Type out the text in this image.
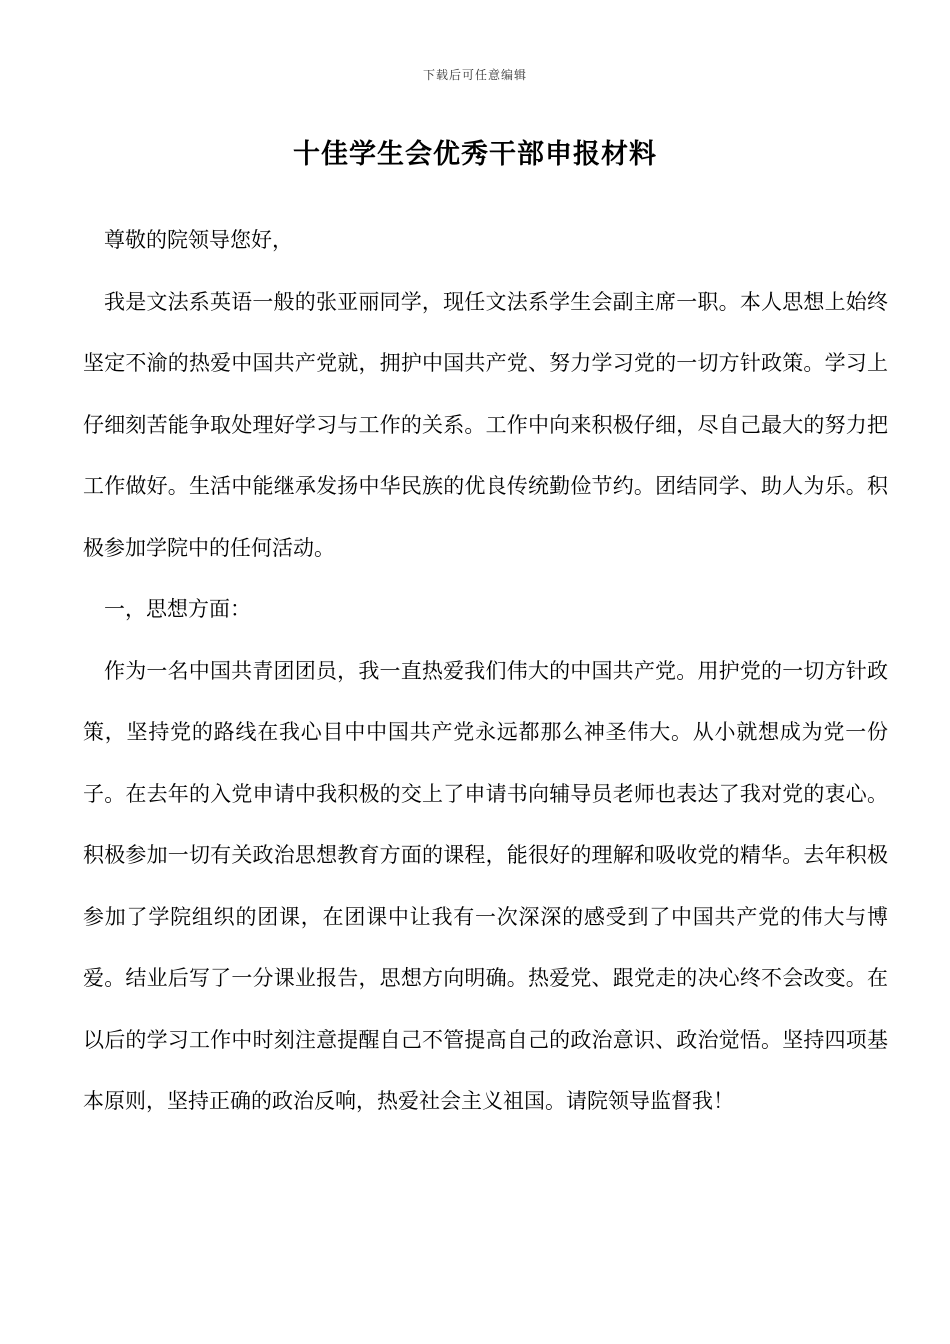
下载后可任意编辑
十佳学生会优秀干部申报材料

尊敬的院领导您好，

我是文法系英语一般的张亚丽同学，现任文法系学生会副主席一职。本人思想上始终坚定不渝的热爱中国共产党就，拥护中国共产党、努力学习党的一切方针政策。学习上仔细刻苦能争取处理好学习与工作的关系。工作中向来积极仔细，尽自己最大的努力把工作做好。生活中能继承发扬中华民族的优良传统勤俭节约。团结同学、助人为乐。积极参加学院中的任何活动。

一，思想方面：

作为一名中国共青团团员，我一直热爱我们伟大的中国共产党。用护党的一切方针政策，坚持党的路线在我心目中中国共产党永远都那么神圣伟大。从小就想成为党一份子。在去年的入党申请中我积极的交上了申请书向辅导员老师也表达了我对党的衷心。积极参加一切有关政治思想教育方面的课程，能很好的理解和吸收党的精华。去年积极参加了学院组织的团课，在团课中让我有一次深深的感受到了中国共产党的伟大与博爱。结业后写了一分课业报告，思想方向明确。热爱党、跟党走的决心终不会改变。在以后的学习工作中时刻注意提醒自己不管提高自己的政治意识、政治觉悟。坚持四项基本原则，坚持正确的政治反响，热爱社会主义祖国。请院领导监督我！
